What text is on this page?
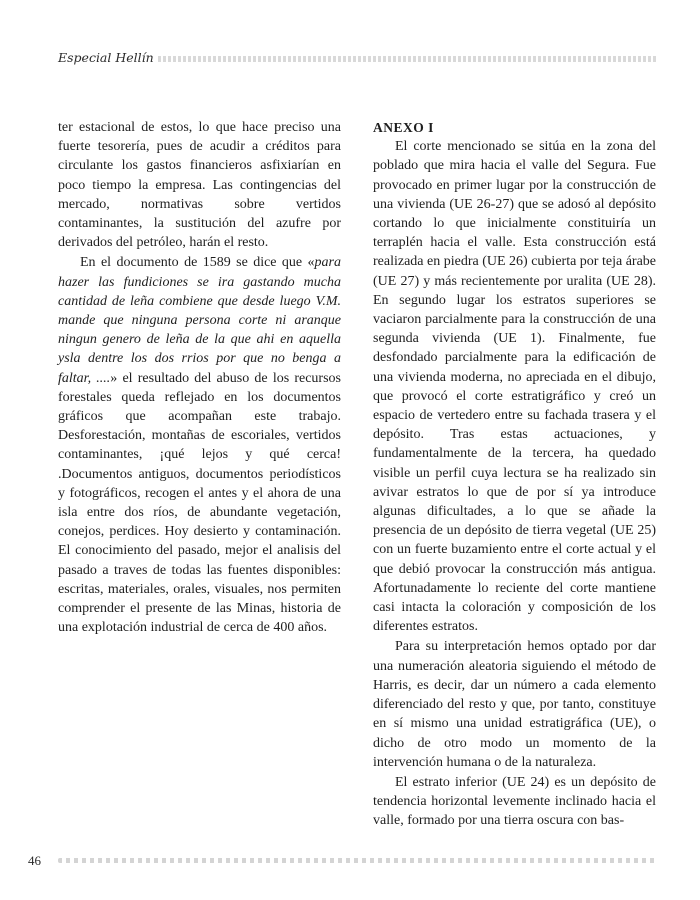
Especial Hellín

ter estacional de estos, lo que hace preciso una fuerte tesorería, pues de acudir a créditos para circulante los gastos financieros asfixiarían en poco tiempo la empresa. Las contingencias del mercado, normativas sobre vertidos contaminantes, la sustitución del azufre por derivados del petróleo, harán el resto.

En el documento de 1589 se dice que «para hazer las fundiciones se ira gastando mucha cantidad de leña combiene que desde luego V.M. mande que ninguna persona corte ni aranque ningun genero de leña de la que ahi en aquella ysla dentre los dos rrios por que no benga a faltar, ....» el resultado del abuso de los recursos forestales queda reflejado en los documentos gráficos que acompañan este trabajo. Desforestación, montañas de escoriales, vertidos contaminantes, ¡qué lejos y qué cerca! .Documentos antiguos, documentos periodísticos y fotográficos, recogen el antes y el ahora de una isla entre dos ríos, de abundante vegetación, conejos, perdices. Hoy desierto y contaminación. El conocimiento del pasado, mejor el analisis del pasado a traves de todas las fuentes disponibles: escritas, materiales, orales, visuales, nos permiten comprender el presente de las Minas, historia de una explotación industrial de cerca de 400 años.

ANEXO I

El corte mencionado se sitúa en la zona del poblado que mira hacia el valle del Segura. Fue provocado en primer lugar por la construcción de una vivienda (UE 26-27) que se adosó al depósito cortando lo que inicialmente constituiría un terraplén hacia el valle. Esta construcción está realizada en piedra (UE 26) cubierta por teja árabe (UE 27) y más recientemente por uralita (UE 28). En segundo lugar los estratos superiores se vaciaron parcialmente para la construcción de una segunda vivienda (UE 1). Finalmente, fue desfondado parcialmente para la edificación de una vivienda moderna, no apreciada en el dibujo, que provocó el corte estratigráfico y creó un espacio de vertedero entre su fachada trasera y el depósito. Tras estas actuaciones, y fundamentalmente de la tercera, ha quedado visible un perfil cuya lectura se ha realizado sin avivar estratos lo que de por sí ya introduce algunas dificultades, a lo que se añade la presencia de un depósito de tierra vegetal (UE 25) con un fuerte buzamiento entre el corte actual y el que debió provocar la construcción más antigua. Afortunadamente lo reciente del corte mantiene casi intacta la coloración y composición de los diferentes estratos.

Para su interpretación hemos optado por dar una numeración aleatoria siguiendo el método de Harris, es decir, dar un número a cada elemento diferenciado del resto y que, por tanto, constituye en sí mismo una unidad estratigráfica (UE), o dicho de otro modo un momento de la intervención humana o de la naturaleza.

El estrato inferior (UE 24) es un depósito de tendencia horizontal levemente inclinado hacia el valle, formado por una tierra oscura con bas-

46
